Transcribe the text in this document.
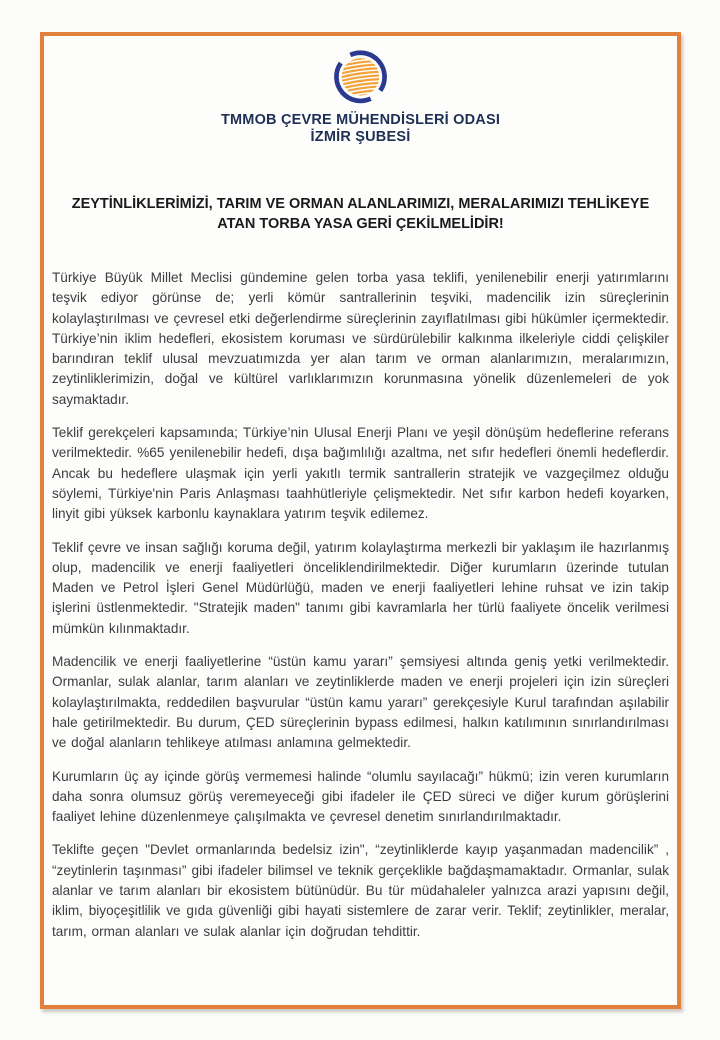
TMMOB ÇEVRE MÜHENDİSLERİ ODASI
İZMİR ŞUBESİ
ZEYTİNLİKLERİMİZİ, TARIM VE ORMAN ALANLARIMIZI, MERALARIMIZI TEHLİKEYE ATAN TORBA YASA GERİ ÇEKİLMELİDİR!

Türkiye Büyük Millet Meclisi gündemine gelen torba yasa teklifi, yenilenebilir enerji yatırımlarını teşvik ediyor görünse de; yerli kömür santrallerinin teşviki, madencilik izin süreçlerinin kolaylaştırılması ve çevresel etki değerlendirme süreçlerinin zayıflatılması gibi hükümler içermektedir. Türkiye’nin iklim hedefleri, ekosistem koruması ve sürdürülebilir kalkınma ilkeleriyle ciddi çelişkiler barındıran teklif ulusal mevzuatımızda yer alan tarım ve orman alanlarımızın, meralarımızın, zeytinliklerimizin, doğal ve kültürel varlıklarımızın korunmasına yönelik düzenlemeleri de yok saymaktadır.

Teklif gerekçeleri kapsamında; Türkiye’nin Ulusal Enerji Planı ve yeşil dönüşüm hedeflerine referans verilmektedir. %65 yenilenebilir hedefi, dışa bağımlılığı azaltma, net sıfır hedefleri önemli hedeflerdir. Ancak bu hedeflere ulaşmak için yerli yakıtlı termik santrallerin stratejik ve vazgeçilmez olduğu söylemi, Türkiye'nin Paris Anlaşması taahhütleriyle çelişmektedir. Net sıfır karbon hedefi koyarken, linyit gibi yüksek karbonlu kaynaklara yatırım teşvik edilemez.

Teklif çevre ve insan sağlığı koruma değil, yatırım kolaylaştırma merkezli bir yaklaşım ile hazırlanmış olup, madencilik ve enerji faaliyetleri önceliklendirilmektedir. Diğer kurumların üzerinde tutulan Maden ve Petrol İşleri Genel Müdürlüğü, maden ve enerji faaliyetleri lehine ruhsat ve izin takip işlerini üstlenmektedir. "Stratejik maden" tanımı gibi kavramlarla her türlü faaliyete öncelik verilmesi mümkün kılınmaktadır.

Madencilik ve enerji faaliyetlerine “üstün kamu yararı” şemsiyesi altında geniş yetki verilmektedir. Ormanlar, sulak alanlar, tarım alanları ve zeytinliklerde maden ve enerji projeleri için izin süreçleri kolaylaştırılmakta, reddedilen başvurular “üstün kamu yararı” gerekçesiyle Kurul tarafından aşılabilir hale getirilmektedir. Bu durum, ÇED süreçlerinin bypass edilmesi, halkın katılımının sınırlandırılması ve doğal alanların tehlikeye atılması anlamına gelmektedir.

Kurumların üç ay içinde görüş vermemesi halinde “olumlu sayılacağı” hükmü; izin veren kurumların daha sonra olumsuz görüş veremeyeceği gibi ifadeler ile ÇED süreci ve diğer kurum görüşlerini faaliyet lehine düzenlenmeye çalışılmakta ve çevresel denetim sınırlandırılmaktadır.

Teklifte geçen "Devlet ormanlarında bedelsiz izin", “zeytinliklerde kayıp yaşanmadan madencilik” , “zeytinlerin taşınması” gibi ifadeler bilimsel ve teknik gerçeklikle bağdaşmamaktadır. Ormanlar, sulak alanlar ve tarım alanları bir ekosistem bütünüdür. Bu tür müdahaleler yalnızca arazi yapısını değil, iklim, biyoçeşitlilik ve gıda güvenliği gibi hayati sistemlere de zarar verir. Teklif; zeytinlikler, meralar, tarım, orman alanları ve sulak alanlar için doğrudan tehdittir.
